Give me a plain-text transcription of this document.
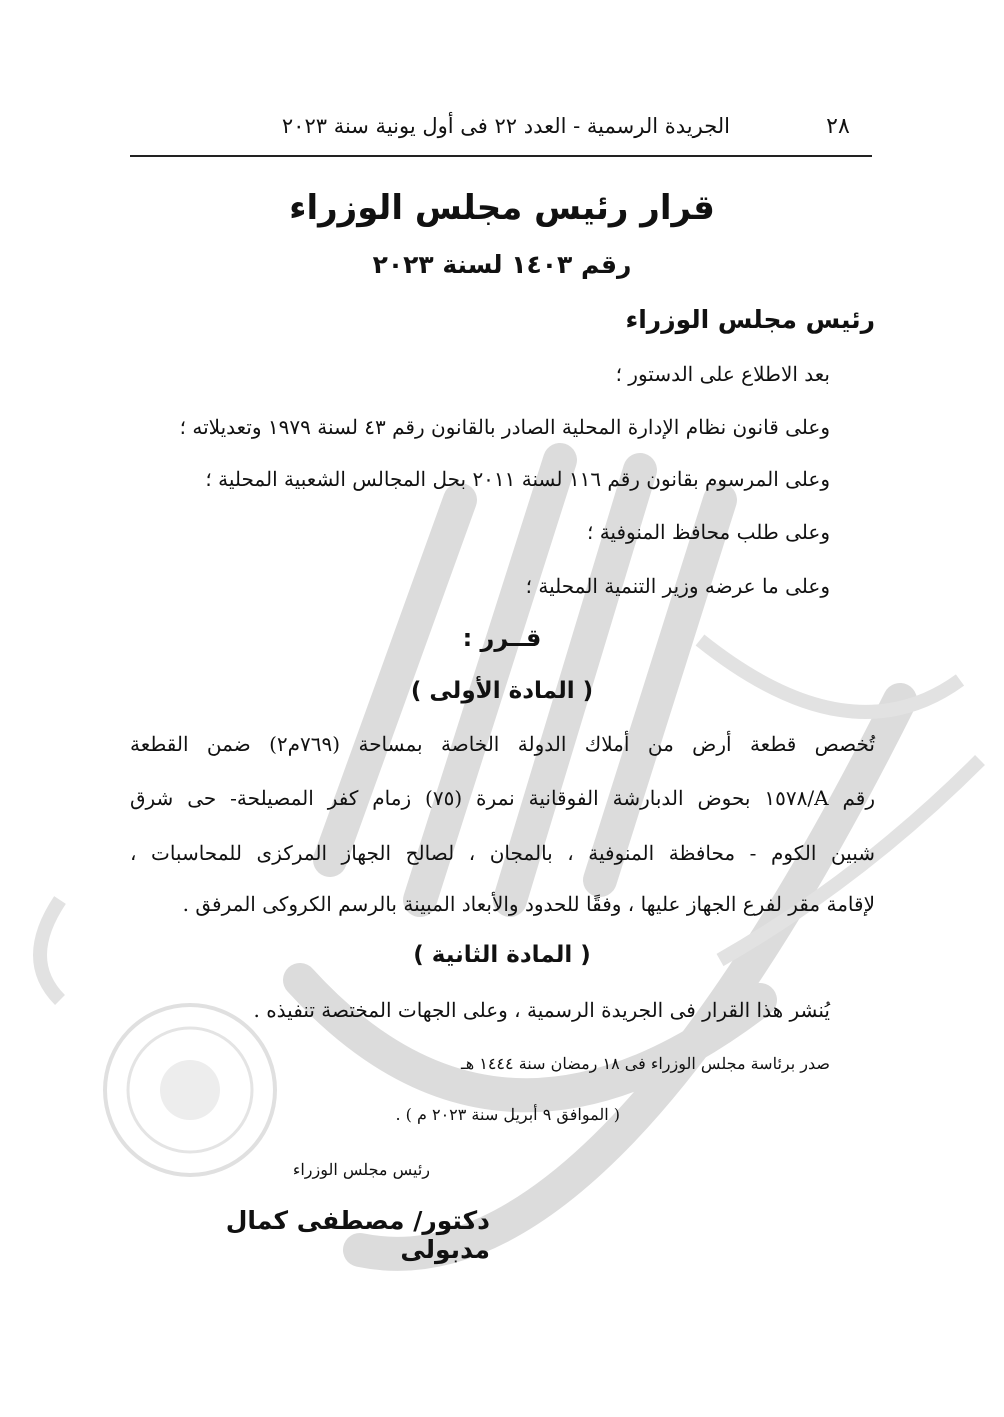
٢٨
الجريدة الرسمية - العدد ٢٢ فى أول يونية سنة ٢٠٢٣
قرار رئيس مجلس الوزراء
رقم ١٤٠٣ لسنة ٢٠٢٣
رئيس مجلس الوزراء
بعد الاطلاع على الدستور ؛
وعلى قانون نظام الإدارة المحلية الصادر بالقانون رقم ٤٣ لسنة ١٩٧٩ وتعديلاته ؛
وعلى المرسوم بقانون رقم ١١٦ لسنة ٢٠١١ بحل المجالس الشعبية المحلية ؛
وعلى طلب محافظ المنوفية ؛
وعلى ما عرضه وزير التنمية المحلية ؛
قــرر :
( المادة الأولى )
تُخصص قطعة أرض من أملاك الدولة الخاصة بمساحة (٧٦٩م٢) ضمن القطعة
رقم A/١٥٧٨ بحوض الدبارشة الفوقانية نمرة (٧٥) زمام كفر المصيلحة- حى شرق
شبين الكوم - محافظة المنوفية ، بالمجان ، لصالح الجهاز المركزى للمحاسبات ،
لإقامة مقر لفرع الجهاز عليها ، وفقًا للحدود والأبعاد المبينة بالرسم الكروكى المرفق .
( المادة الثانية )
يُنشر هذا القرار فى الجريدة الرسمية ، وعلى الجهات المختصة تنفيذه .
صدر برئاسة مجلس الوزراء فى ١٨ رمضان سنة ١٤٤٤ هـ
( الموافق ٩ أبريل سنة ٢٠٢٣ م ) .
رئيس مجلس الوزراء
دكتور/ مصطفى كمال مدبولى
